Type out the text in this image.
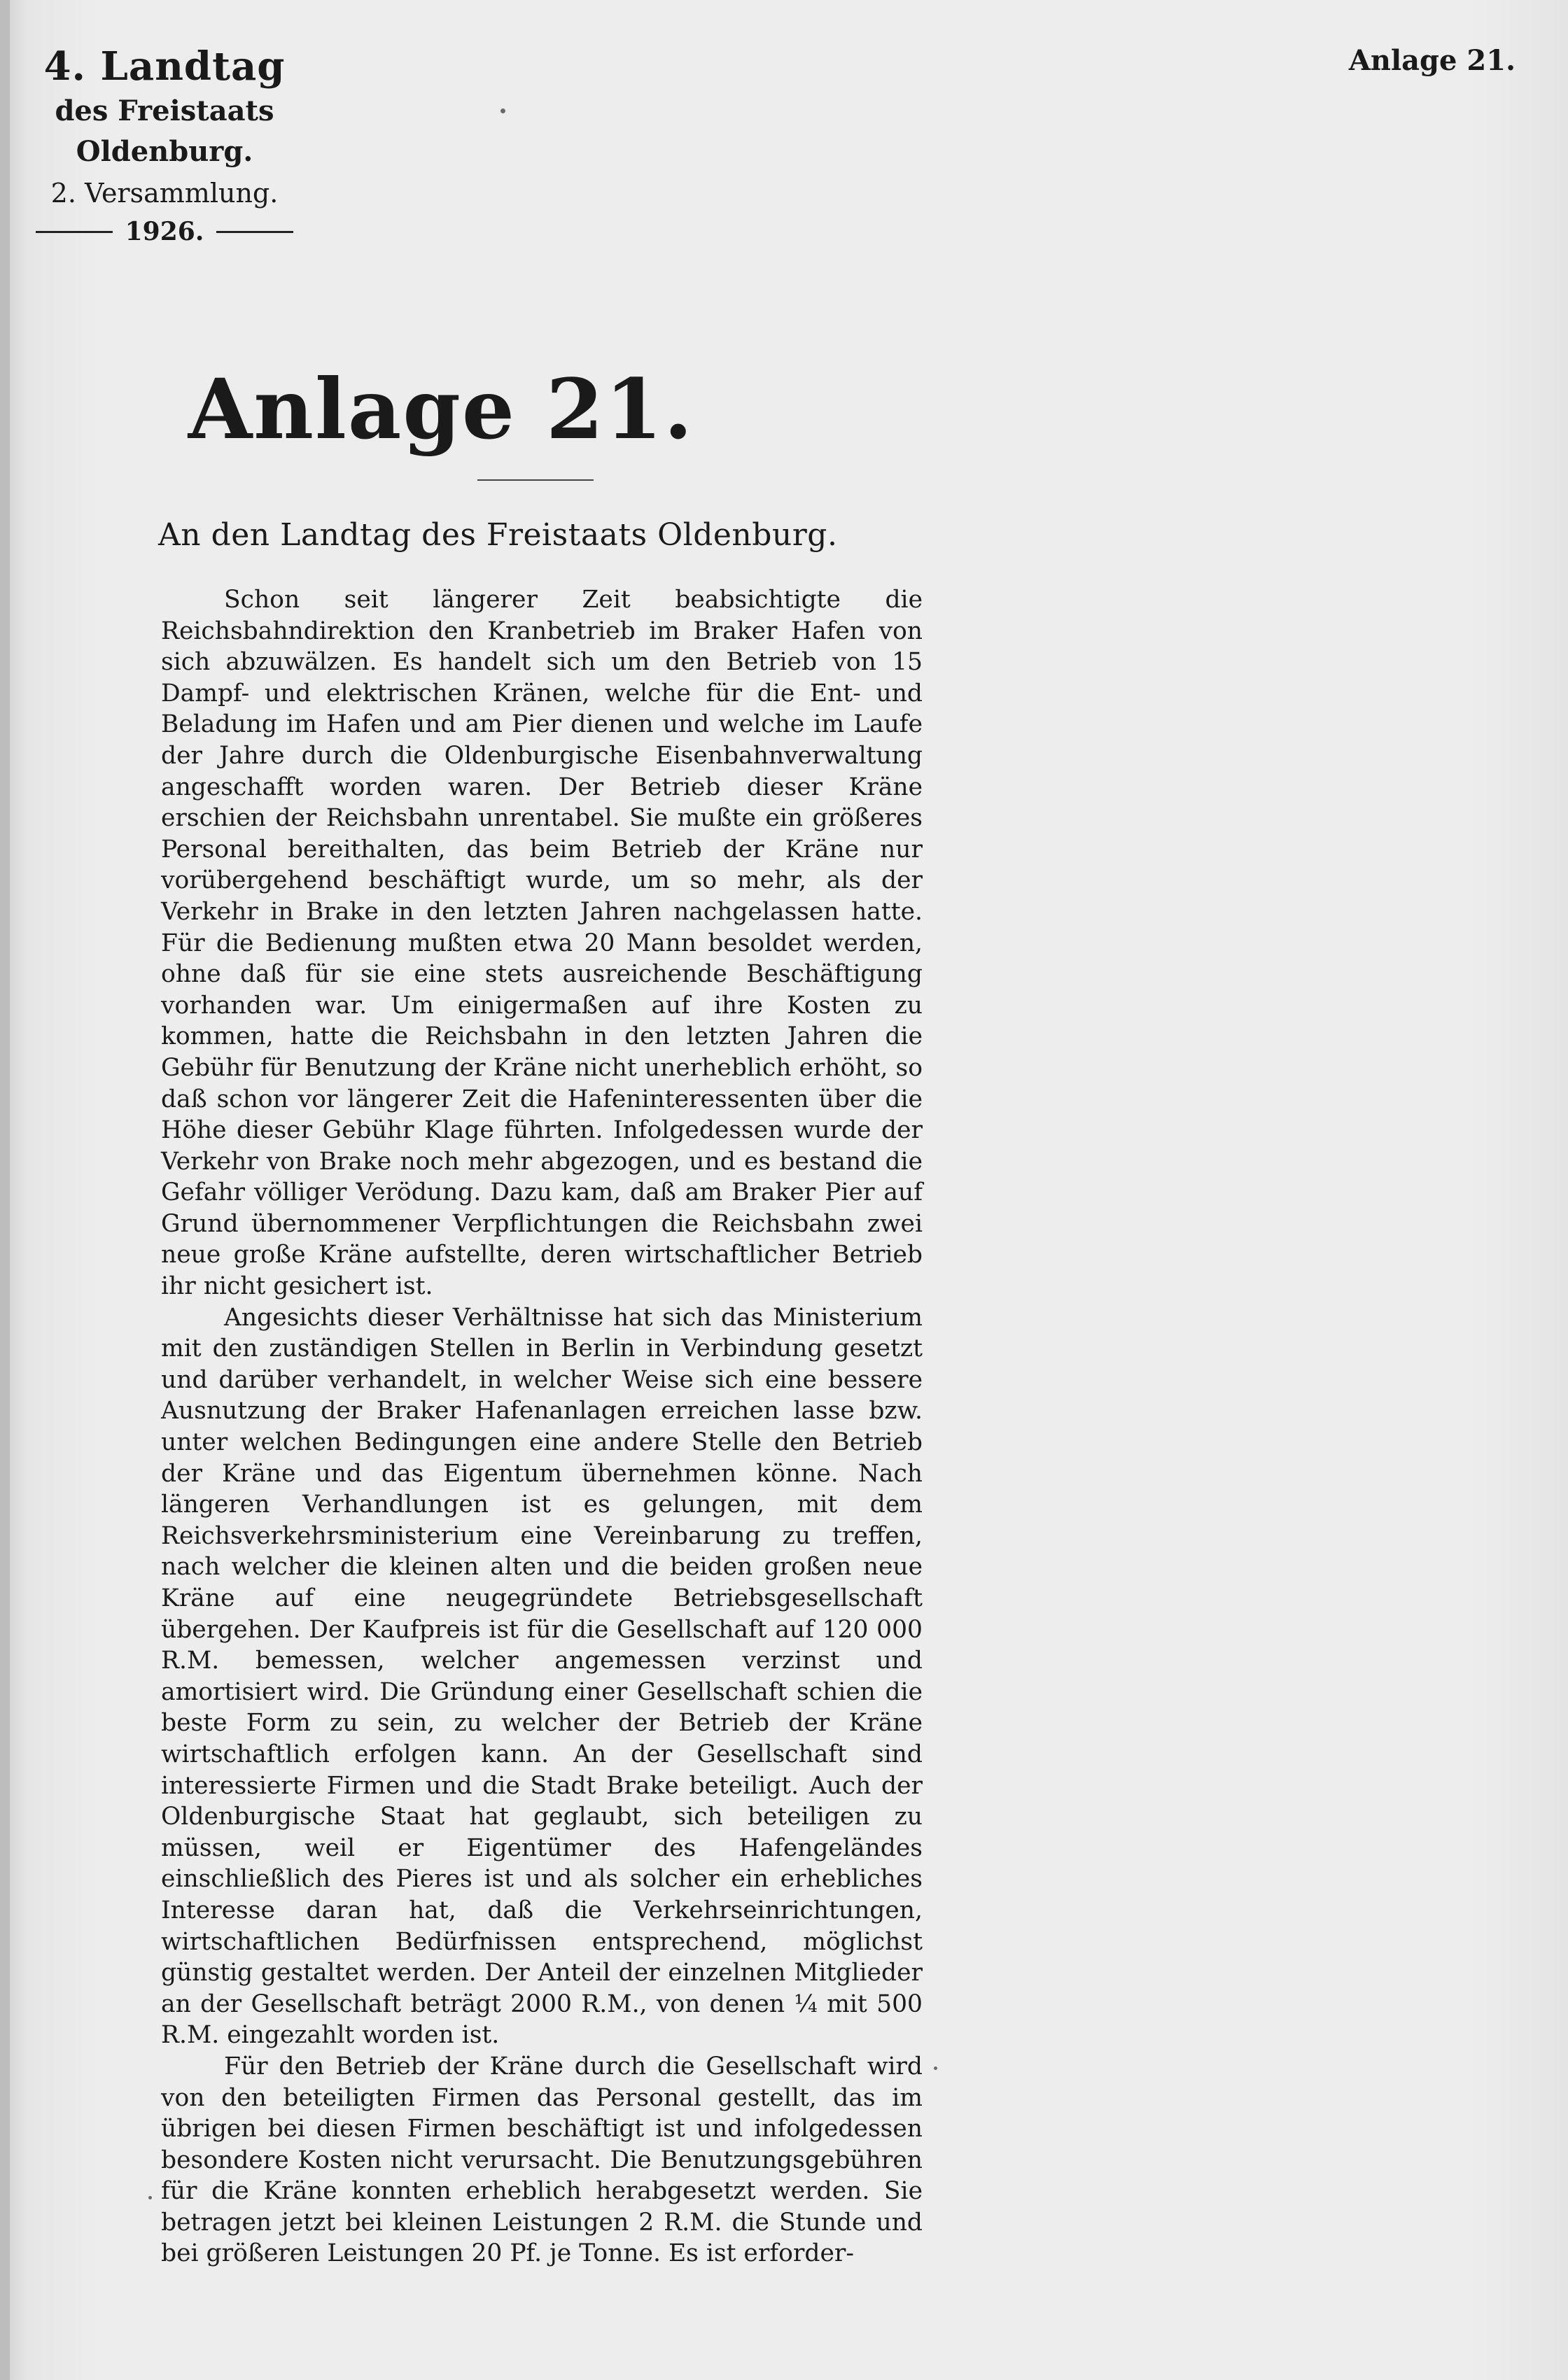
4. Landtag
des Freistaats Oldenburg.
2. Versammlung.
1926.
Anlage 21.
Anlage 21.
An den Landtag des Freistaats Oldenburg.

Schon seit längerer Zeit beabsichtigte die Reichsbahndirektion den Kranbetrieb im Braker Hafen von sich abzuwälzen. Es handelt sich um den Betrieb von 15 Dampf- und elektrischen Kränen, welche für die Ent- und Beladung im Hafen und am Pier dienen und welche im Laufe der Jahre durch die Oldenburgische Eisenbahnverwaltung angeschafft worden waren. Der Betrieb dieser Kräne erschien der Reichsbahn unrentabel. Sie mußte ein größeres Personal bereithalten, das beim Betrieb der Kräne nur vorübergehend beschäftigt wurde, um so mehr, als der Verkehr in Brake in den letzten Jahren nachgelassen hatte. Für die Bedienung mußten etwa 20 Mann besoldet werden, ohne daß für sie eine stets ausreichende Beschäftigung vorhanden war. Um einigermaßen auf ihre Kosten zu kommen, hatte die Reichsbahn in den letzten Jahren die Gebühr für Benutzung der Kräne nicht unerheblich erhöht, so daß schon vor längerer Zeit die Hafeninteressenten über die Höhe dieser Gebühr Klage führten. Infolgedessen wurde der Verkehr von Brake noch mehr abgezogen, und es bestand die Gefahr völliger Verödung. Dazu kam, daß am Braker Pier auf Grund übernommener Verpflichtungen die Reichsbahn zwei neue große Kräne aufstellte, deren wirtschaftlicher Betrieb ihr nicht gesichert ist.

Angesichts dieser Verhältnisse hat sich das Ministerium mit den zuständigen Stellen in Berlin in Verbindung gesetzt und darüber verhandelt, in welcher Weise sich eine bessere Ausnutzung der Braker Hafenanlagen erreichen lasse bzw. unter welchen Bedingungen eine andere Stelle den Betrieb der Kräne und das Eigentum übernehmen könne. Nach längeren Verhandlungen ist es gelungen, mit dem Reichsverkehrsministerium eine Vereinbarung zu treffen, nach welcher die kleinen alten und die beiden großen neue Kräne auf eine neugegründete Betriebsgesellschaft übergehen. Der Kaufpreis ist für die Gesellschaft auf 120 000 R.M. bemessen, welcher angemessen verzinst und amortisiert wird. Die Gründung einer Gesellschaft schien die beste Form zu sein, zu welcher der Betrieb der Kräne wirtschaftlich erfolgen kann. An der Gesellschaft sind interessierte Firmen und die Stadt Brake beteiligt. Auch der Oldenburgische Staat hat geglaubt, sich beteiligen zu müssen, weil er Eigentümer des Hafengeländes einschließlich des Pieres ist und als solcher ein erhebliches Interesse daran hat, daß die Verkehrseinrichtungen, wirtschaftlichen Bedürfnissen entsprechend, möglichst günstig gestaltet werden. Der Anteil der einzelnen Mitglieder an der Gesellschaft beträgt 2000 R.M., von denen ¼ mit 500 R.M. eingezahlt worden ist.

Für den Betrieb der Kräne durch die Gesellschaft wird von den beteiligten Firmen das Personal gestellt, das im übrigen bei diesen Firmen beschäftigt ist und infolgedessen besondere Kosten nicht verursacht. Die Benutzungsgebühren für die Kräne konnten erheblich herabgesetzt werden. Sie betragen jetzt bei kleinen Leistungen 2 R.M. die Stunde und bei größeren Leistungen 20 Pf. je Tonne. Es ist erforder-
